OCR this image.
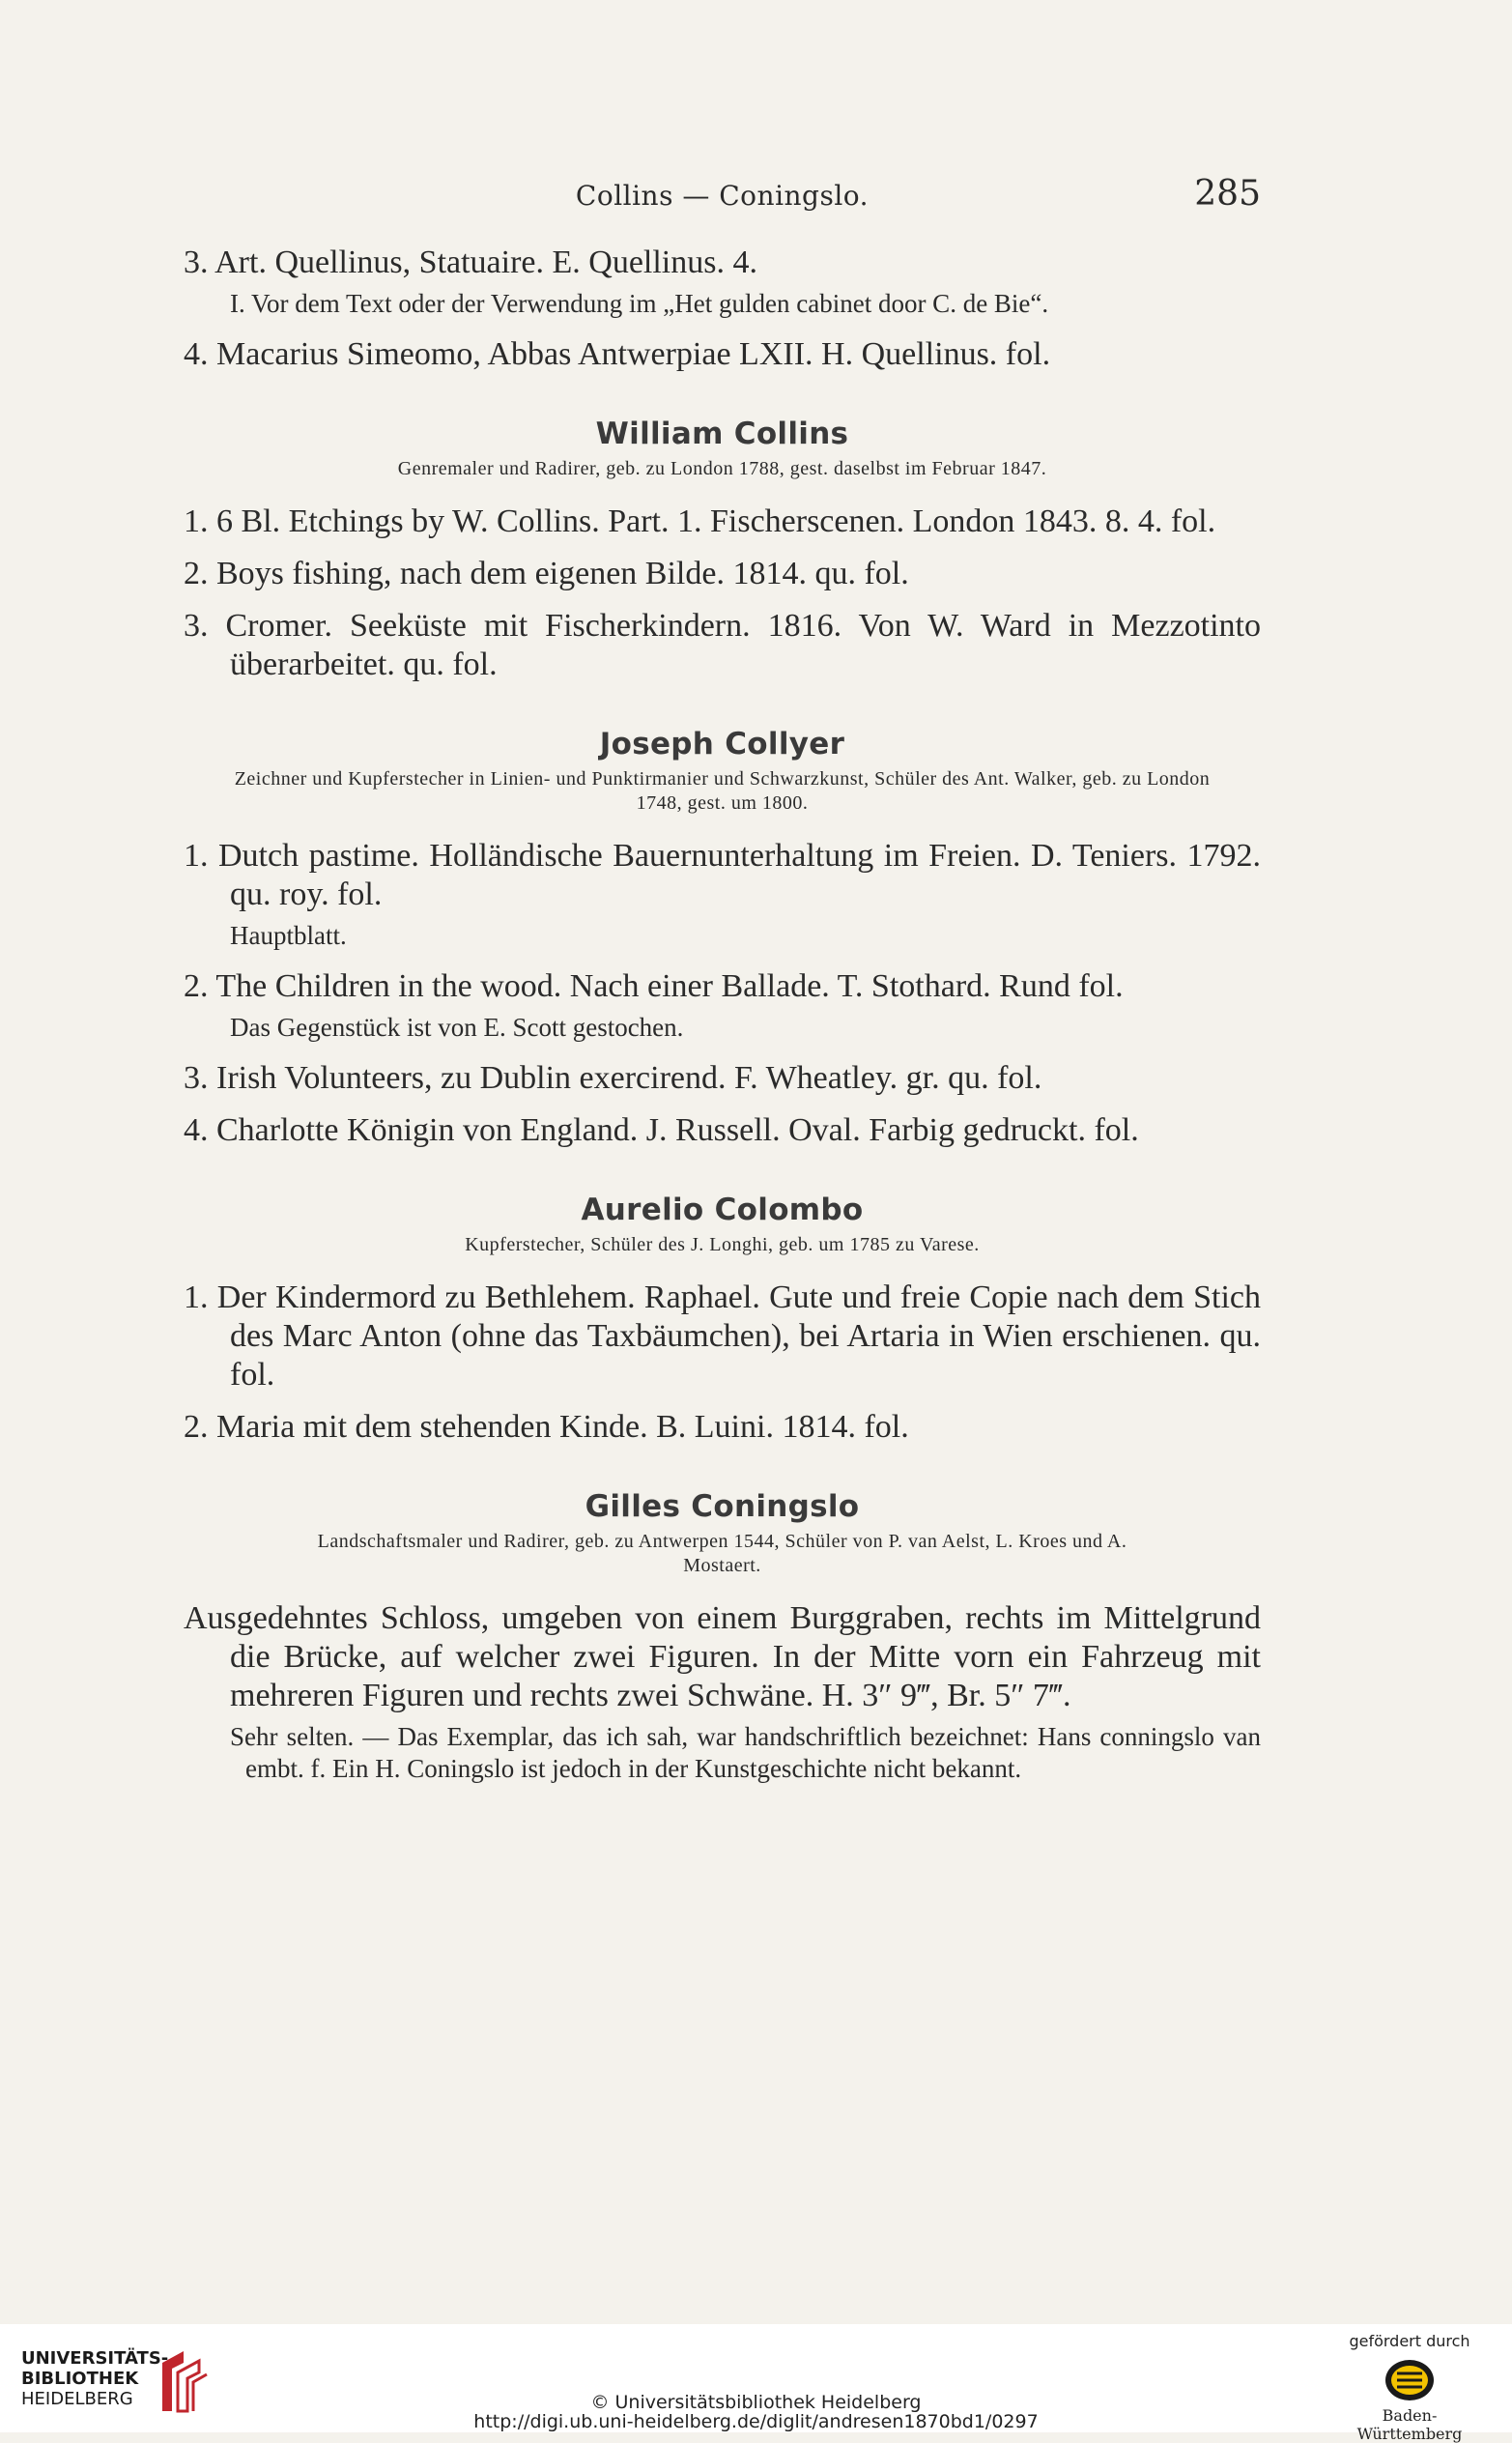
Collins — Coningslo.	285

3. Art. Quellinus, Statuaire. E. Quellinus. 4.

I. Vor dem Text oder der Verwendung im „Het gulden cabinet door C. de Bie“.

4. Macarius Simeomo, Abbas Antwerpiae LXII. H. Quellinus. fol.

William Collins
Genremaler und Radirer, geb. zu London 1788, gest. daselbst im Februar 1847.

1. 6 Bl. Etchings by W. Collins. Part. 1. Fischerscenen. London 1843. 8. 4. fol.

2. Boys fishing, nach dem eigenen Bilde. 1814. qu. fol.

3. Cromer. Seeküste mit Fischerkindern. 1816. Von W. Ward in Mezzotinto überarbeitet. qu. fol.

Joseph Collyer
Zeichner und Kupferstecher in Linien- und Punktirmanier und Schwarzkunst, Schüler des Ant. Walker, geb. zu London 1748, gest. um 1800.

1. Dutch pastime. Holländische Bauernunterhaltung im Freien. D. Teniers. 1792. qu. roy. fol.

Hauptblatt.

2. The Children in the wood. Nach einer Ballade. T. Stothard. Rund fol.

Das Gegenstück ist von E. Scott gestochen.

3. Irish Volunteers, zu Dublin exercirend. F. Wheatley. gr. qu. fol.

4. Charlotte Königin von England. J. Russell. Oval. Farbig gedruckt. fol.

Aurelio Colombo
Kupferstecher, Schüler des J. Longhi, geb. um 1785 zu Varese.

1. Der Kindermord zu Bethlehem. Raphael. Gute und freie Copie nach dem Stich des Marc Anton (ohne das Taxbäumchen), bei Artaria in Wien erschienen. qu. fol.

2. Maria mit dem stehenden Kinde. B. Luini. 1814. fol.

Gilles Coningslo
Landschaftsmaler und Radirer, geb. zu Antwerpen 1544, Schüler von P. van Aelst, L. Kroes und A. Mostaert.

Ausgedehntes Schloss, umgeben von einem Burggraben, rechts im Mittelgrund die Brücke, auf welcher zwei Figuren. In der Mitte vorn ein Fahrzeug mit mehreren Figuren und rechts zwei Schwäne. H. 3″ 9‴, Br. 5″ 7‴.

Sehr selten. — Das Exemplar, das ich sah, war handschriftlich bezeichnet: Hans conningslo van embt. f. Ein H. Coningslo ist jedoch in der Kunstgeschichte nicht bekannt.

UNIVERSITÄTS-
BIBLIOTHEK
HEIDELBERG	© Universitätsbibliothek Heidelberg
http://digi.ub.uni-heidelberg.de/diglit/andresen1870bd1/0297
gefördert durch
Baden-Württemberg
